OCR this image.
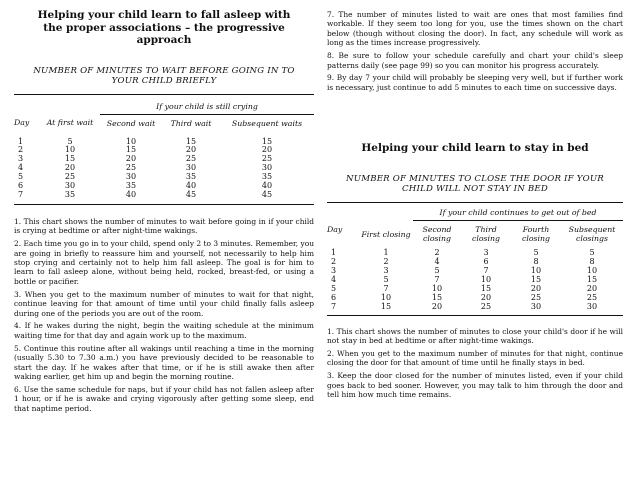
Helping your child learn to fall asleep with the proper associations – the progressive approach
NUMBER OF MINUTES TO WAIT BEFORE GOING IN TO YOUR CHILD BRIEFLY
		If your child is still crying		
Day	At first wait	Second wait	Third wait	Subsequent waits
1	5	10	15	15
2	10	15	20	20
3	15	20	25	25
4	20	25	30	30
5	25	30	35	35
6	30	35	40	40
7	35	40	45	45

1. This chart shows the number of minutes to wait before going in if your child is crying at bedtime or after night-time wakings.

2. Each time you go in to your child, spend only 2 to 3 minutes. Remember, you are going in briefly to reassure him and yourself, not necessarily to help him stop crying and certainly not to help him fall asleep. The goal is for him to learn to fall asleep alone, without being held, rocked, breast-fed, or using a bottle or pacifier.

3. When you get to the maximum number of minutes to wait for that night, continue leaving for that amount of time until your child finally falls asleep during one of the periods you are out of the room.

4. If he wakes during the night, begin the waiting schedule at the minimum waiting time for that day and again work up to the maximum.

5. Continue this routine after all wakings until reaching a time in the morning (usually 5.30 to 7.30 a.m.) you have previously decided to be reasonable to start the day. If he wakes after that time, or if he is still awake then after waking earlier, get him up and begin the morning routine.

6. Use the same schedule for naps, but if your child has not fallen asleep after 1 hour, or if he is awake and crying vigorously after getting some sleep, end that naptime period.

7. The number of minutes listed to wait are ones that most families find workable. If they seem too long for you, use the times shown on the chart below (though without closing the door). In fact, any schedule will work as long as the times increase progressively.

8. Be sure to follow your schedule carefully and chart your child's sleep patterns daily (see page 99) so you can monitor his progress accurately.

9. By day 7 your child will probably be sleeping very well, but if further work is necessary, just continue to add 5 minutes to each time on successive days.

Helping your child learn to stay in bed
NUMBER OF MINUTES TO CLOSE THE DOOR IF YOUR CHILD WILL NOT STAY IN BED
		If your child continues to get out of bed			
Day	First closing	Second closing	Third closing	Fourth closing	Subsequent closings
1	1	2	3	5	5
2	2	4	6	8	8
3	3	5	7	10	10
4	5	7	10	15	15
5	7	10	15	20	20
6	10	15	20	25	25
7	15	20	25	30	30

1. This chart shows the number of minutes to close your child's door if he will not stay in bed at bedtime or after night-time wakings.

2. When you get to the maximum number of minutes for that night, continue closing the door for that amount of time until he finally stays in bed.

3. Keep the door closed for the number of minutes listed, even if your child goes back to bed sooner. However, you may talk to him through the door and tell him how much time remains.
